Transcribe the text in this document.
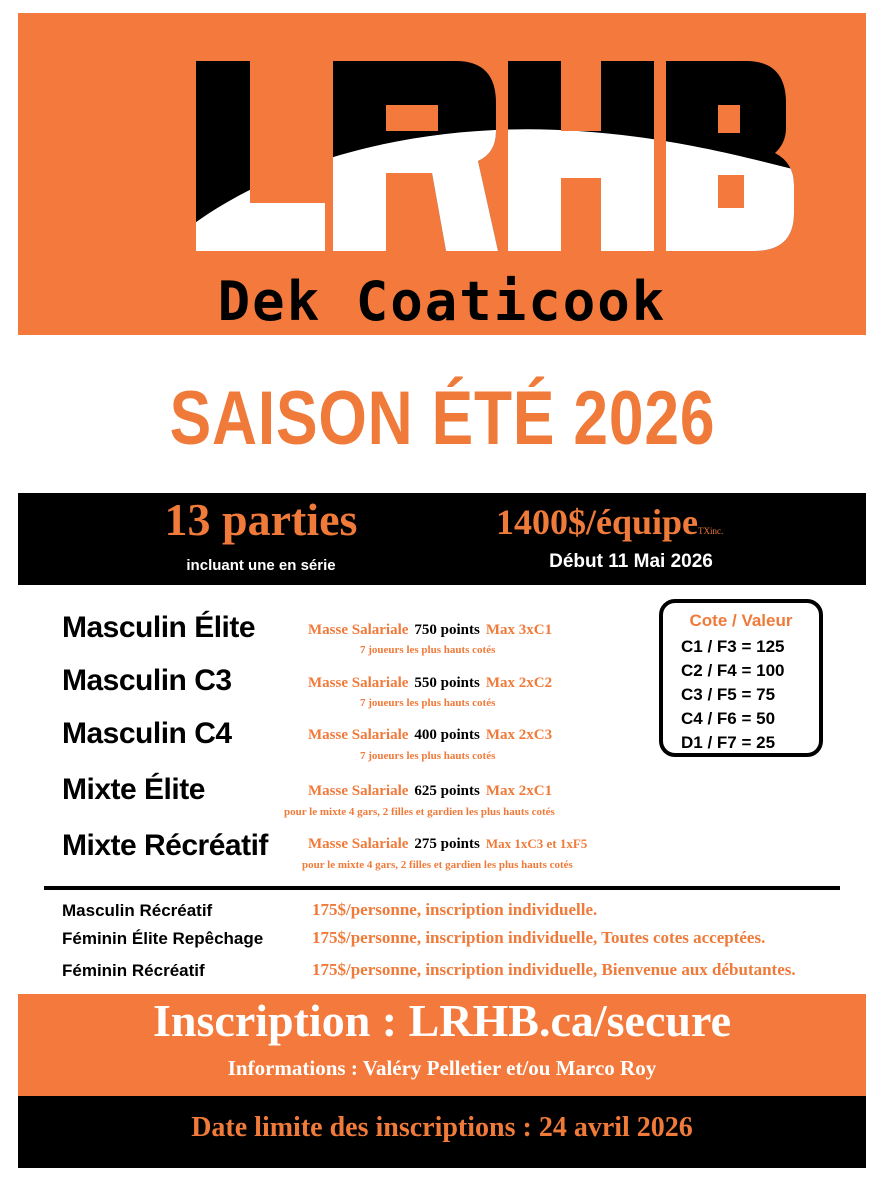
Dek Coaticook
SAISON ÉTÉ 2026
13 parties
incluant une en série
1400$/équipeTXinc.
Début 11 Mai 2026
Masculin Élite	Masse Salariale 750 points Max 3xC1
7 joueurs les plus hauts cotés
Masculin C3	Masse Salariale 550 points Max 2xC2
7 joueurs les plus hauts cotés
Masculin C4	Masse Salariale 400 points Max 2xC3
7 joueurs les plus hauts cotés
Mixte Élite	Masse Salariale 625 points Max 2xC1
pour le mixte 4 gars, 2 filles et gardien les plus hauts cotés
Mixte Récréatif	Masse Salariale 275 points Max 1xC3 et 1xF5
pour le mixte 4 gars, 2 filles et gardien les plus hauts cotés
Cote / Valeur
C1 / F3 = 125
C2 / F4 = 100
C3 / F5 = 75
C4 / F6 = 50
D1 / F7 = 25
Masculin Récréatif	175$/personne, inscription individuelle.
Féminin Élite Repêchage	175$/personne, inscription individuelle, Toutes cotes acceptées.
Féminin Récréatif	175$/personne, inscription individuelle, Bienvenue aux débutantes.
Inscription : LRHB.ca/secure
Informations : Valéry Pelletier et/ou Marco Roy
Date limite des inscriptions : 24 avril 2026
